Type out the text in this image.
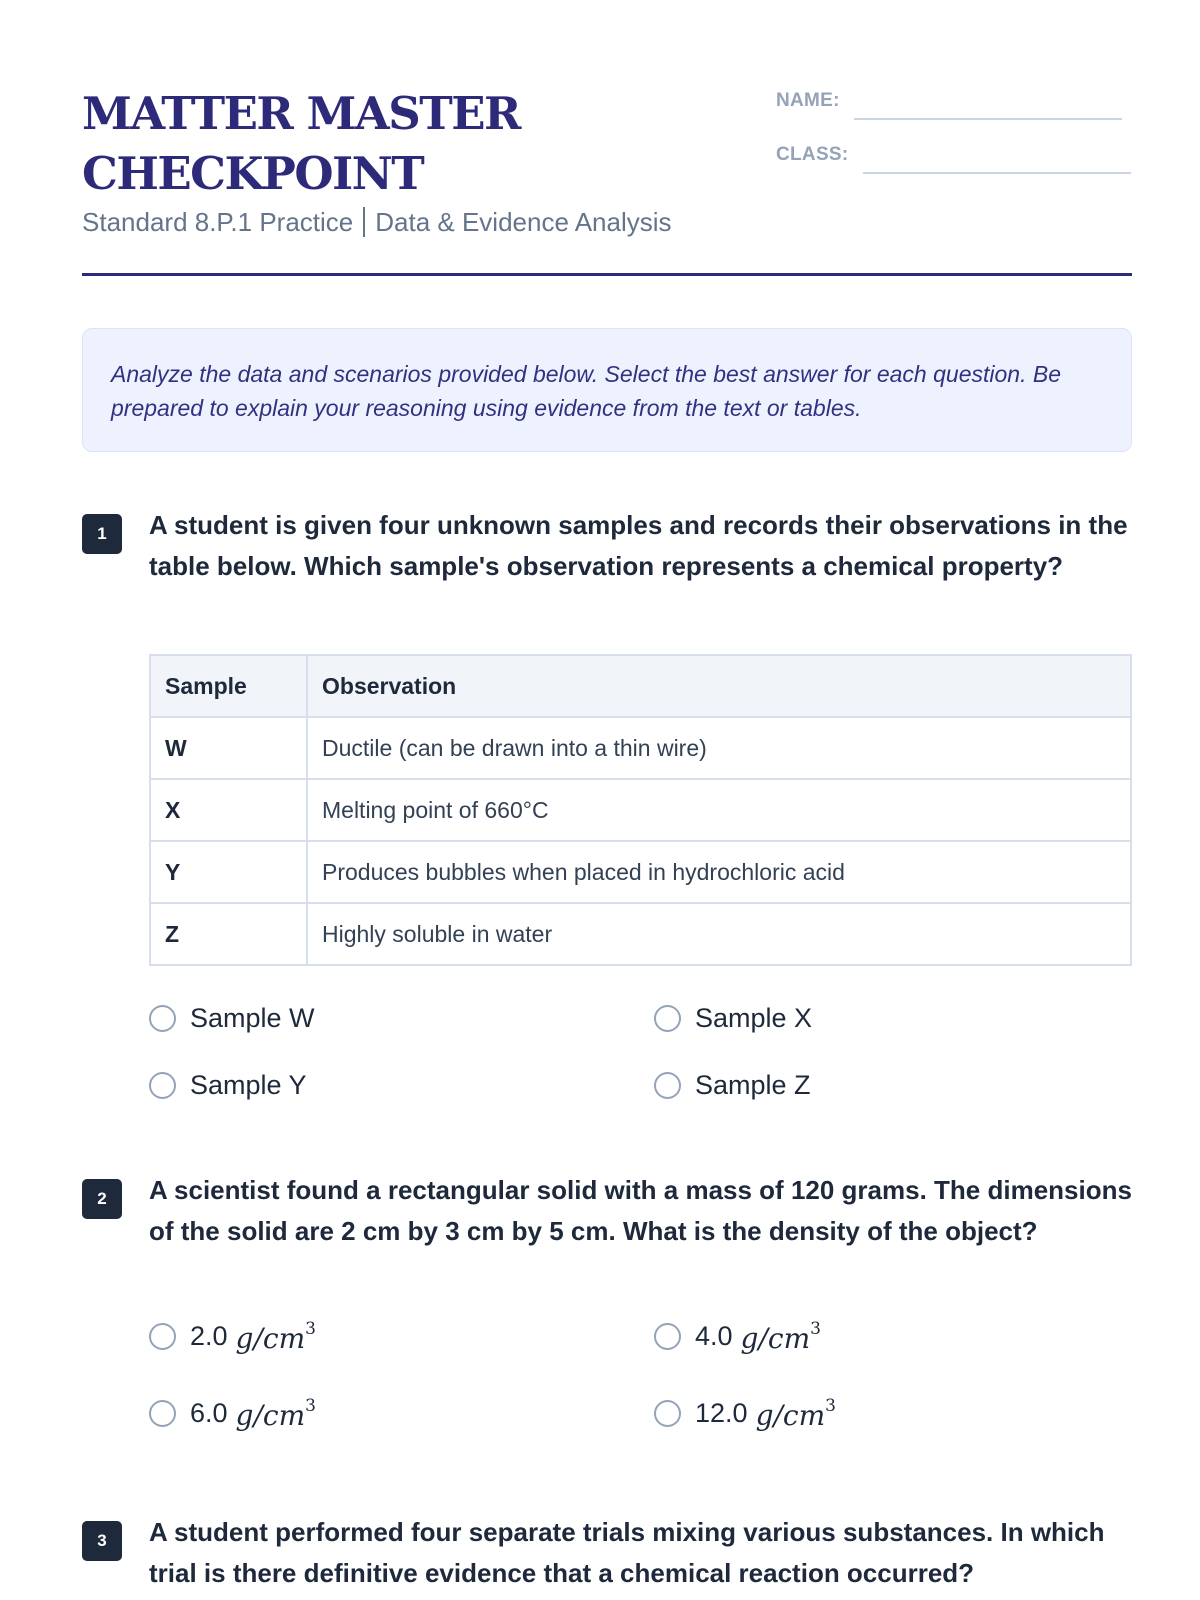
MATTER MASTER CHECKPOINT
Standard 8.P.1 Practice Data & Evidence Analysis
NAME:
CLASS:

Analyze the data and scenarios provided below. Select the best answer for each question. Be prepared to explain your reasoning using evidence from the text or tables.

1	A student is given four unknown samples and records their observations in the table below. Which sample's observation represents a chemical property?
Sample	Observation
W	Ductile (can be drawn into a thin wire)
X	Melting point of 660°C
Y	Produces bubbles when placed in hydrochloric acid
Z	Highly soluble in water
Sample W	Sample X
Sample Y	Sample Z
2	A scientist found a rectangular solid with a mass of 120 grams. The dimensions of the solid are 2 cm by 3 cm by 5 cm. What is the density of the object?
2.0 $g/cm^3$	4.0 $g/cm^3$
6.0 $g/cm^3$	12.0 $g/cm^3$
3	A student performed four separate trials mixing various substances. In which trial is there definitive evidence that a chemical reaction occurred?
